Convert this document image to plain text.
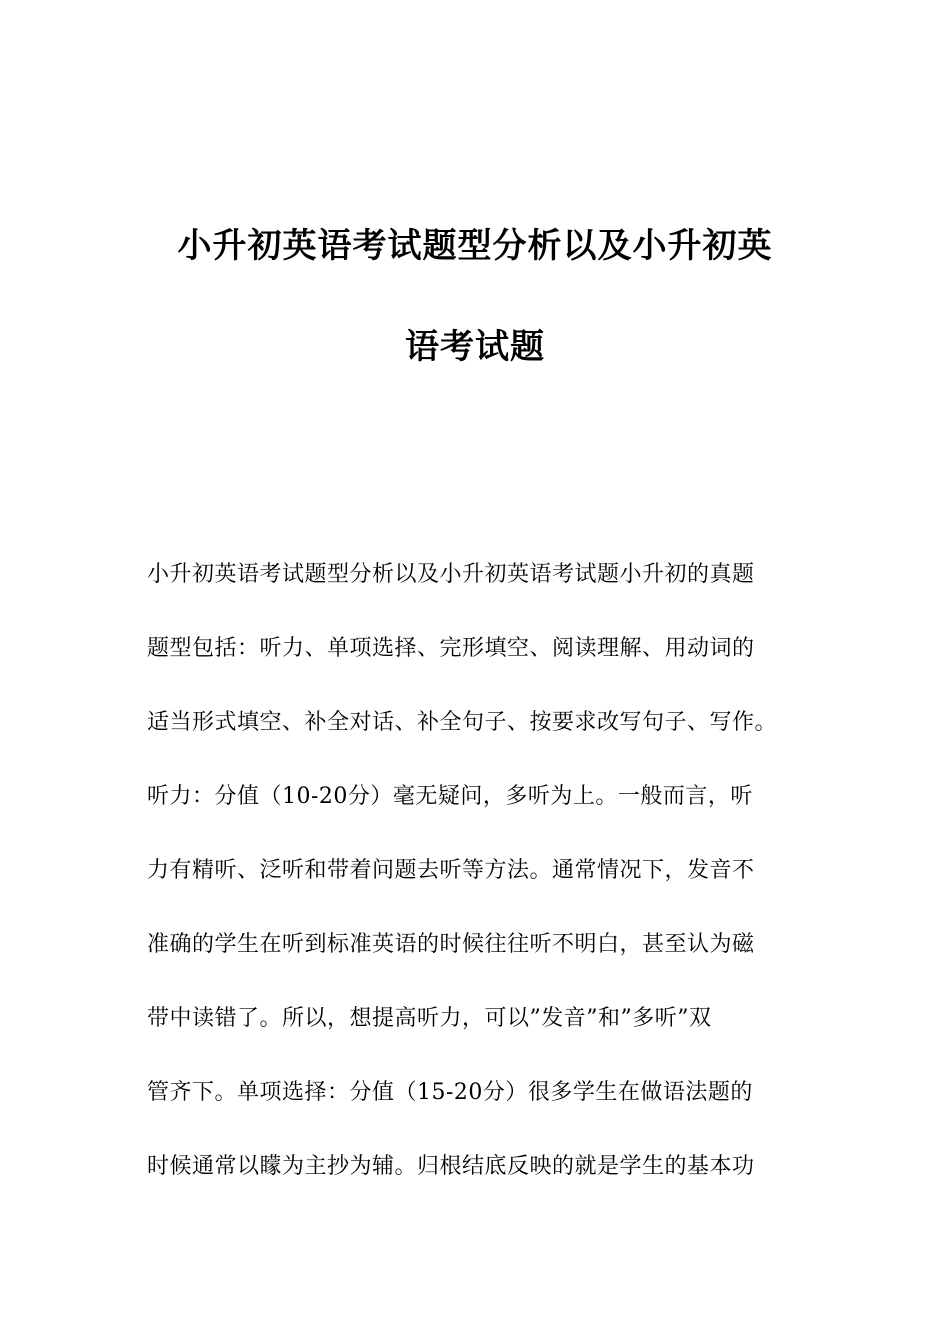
小升初英语考试题型分析以及小升初英
语考试题
小升初英语考试题型分析以及小升初英语考试题小升初的真题
题型包括：听力、单项选择、完形填空、阅读理解、用动词的
适当形式填空、补全对话、补全句子、按要求改写句子、写作。
听力：分值（10-20分）毫无疑问，多听为上。一般而言，听
力有精听、泛听和带着问题去听等方法。通常情况下，发音不
准确的学生在听到标准英语的时候往往听不明白，甚至认为磁
带中读错了。所以，想提高听力，可以”发音”和”多听”双
管齐下。单项选择：分值（15-20分）很多学生在做语法题的
时候通常以矇为主抄为辅。归根结底反映的就是学生的基本功
